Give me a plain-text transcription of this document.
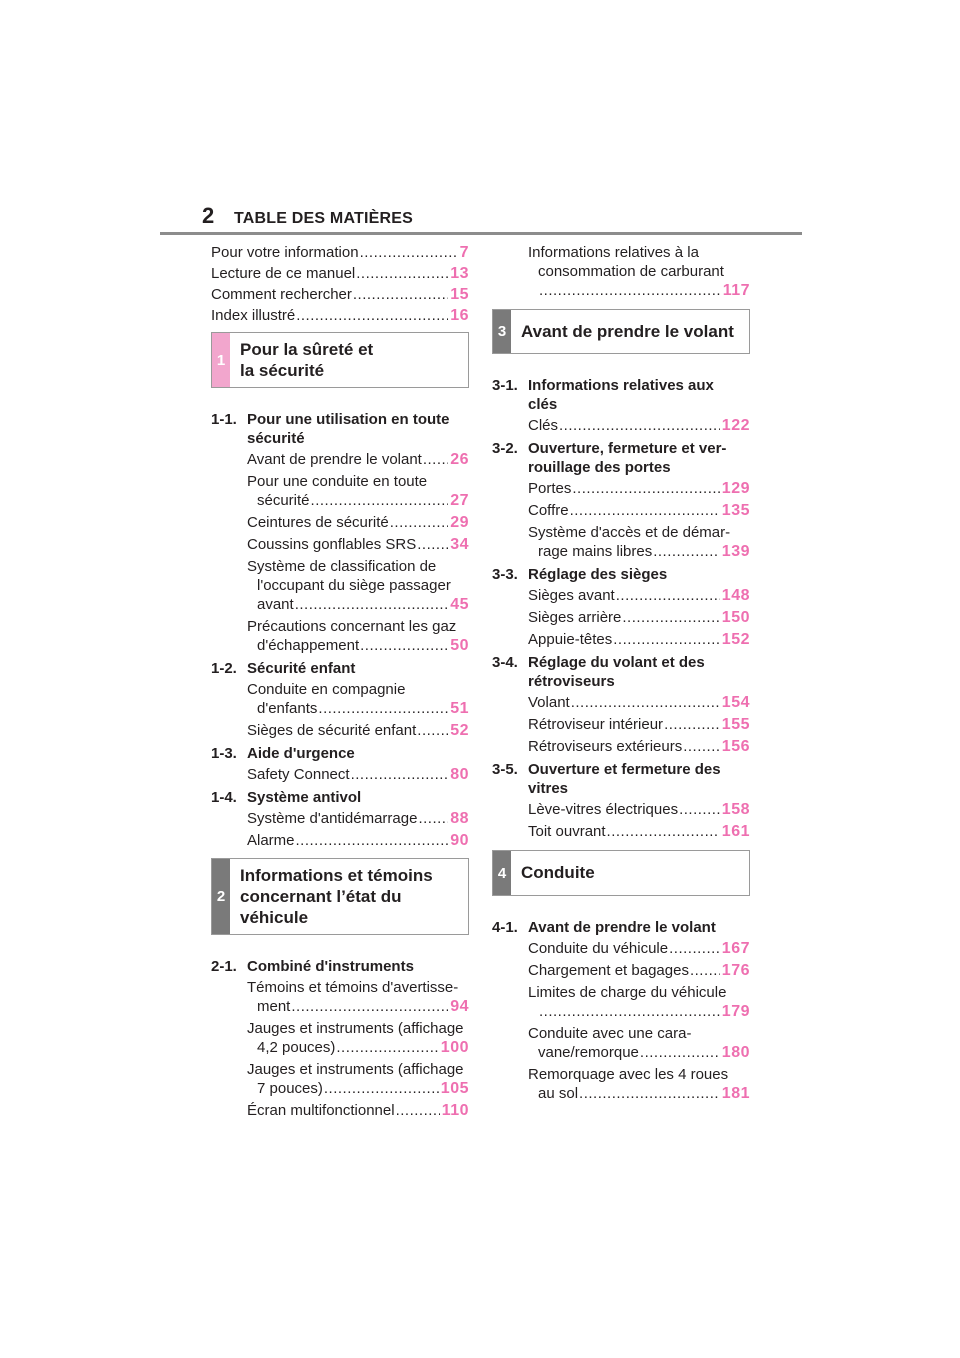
2 TABLE DES MATIÈRES
Pour votre information .....	7
Lecture de ce manuel .....	13
Comment rechercher .....	15
Index illustré .....	16
1
Pour la sûreté et
la sécurité
1-1. Pour une utilisation en toute
sécurité
Avant de prendre le volant ..... 26
Pour une conduite en toute
sécurité .....	27
Ceintures de sécurité .....	29
Coussins gonflables SRS ..... 34
Système de classification de
l'occupant du siège passager
avant .....	45
Précautions concernant les gaz
d'échappement .....	50
1-2. Sécurité enfant
Conduite en compagnie
d'enfants .....	51
Sièges de sécurité enfant ..... 52
1-3. Aide d'urgence
Safety Connect .....	80
1-4. Système antivol
Système d'antidémarrage ..... 88
Alarme .....	90
2
Informations et témoins
concernant l’état du
véhicule
2-1. Combiné d'instruments
Témoins et témoins d'avertisse-
ment .....	94
Jauges et instruments (affichage
4,2 pouces) .....	100
Jauges et instruments (affichage
7 pouces) .....	105
Écran multifonctionnel .....	110
Informations relatives à la
consommation de carburant
.....
117
3 Avant de prendre le volant
3-1. Informations relatives aux
clés
Clés .....	122
3-2. Ouverture, fermeture et ver-
rouillage des portes
Portes .....	129
Coffre .....	135
Système d'accès et de démar-
rage mains libres .....	139
3-3. Réglage des sièges
Sièges avant .....	148
Sièges arrière .....	150
Appuie-têtes .....	152
3-4. Réglage du volant et des
rétroviseurs
Volant .....	154
Rétroviseur intérieur .....	155
Rétroviseurs extérieurs ..... 156
3-5. Ouverture et fermeture des
vitres
Lève-vitres électriques .....	158
Toit ouvrant .....	161
4 Conduite
4-1. Avant de prendre le volant
Conduite du véhicule .....	167
Chargement et bagages ..... 176
Limites de charge du véhicule
.....
179
Conduite avec une cara-
vane/remorque .....	180
Remorquage avec les 4 roues
au sol .....	181
